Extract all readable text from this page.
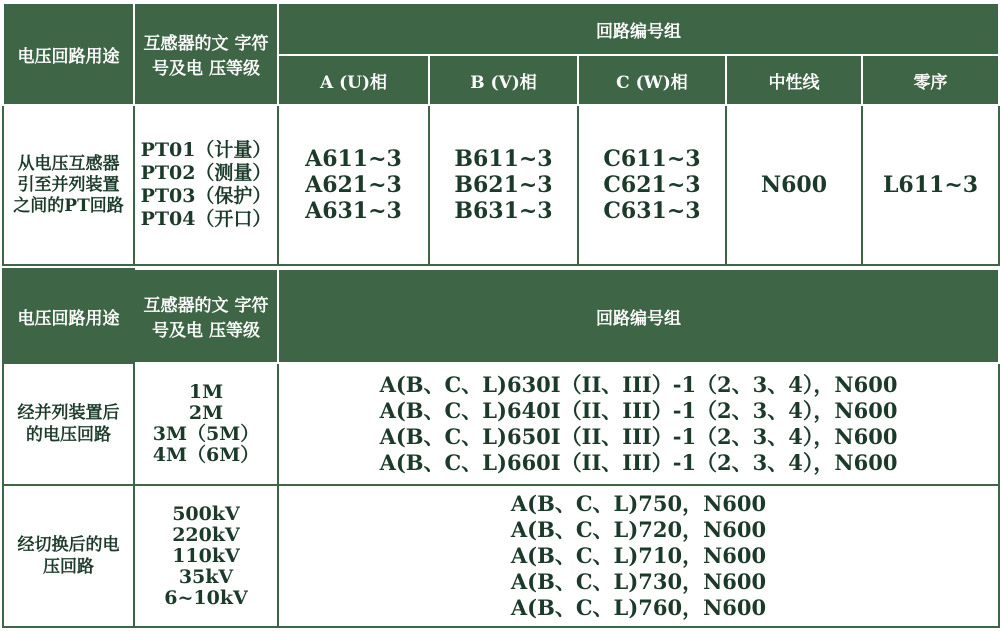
电压回路用途	互感器的文 字符
号及电 压等级	回路编号组				
		A (U)相	B (V)相	C (W)相	中性线	零序

从电压互感器
引至并列装置
之间的PT回路	PT01（计量）
PT02（测量）
PT03（保护）
PT04（开口）	A611~3
A621~3
A631~3	B611~3
B621~3
B631~3	C611~3
C621~3
C631~3	N600	L611~3
电压回路用途	互感器的文 字符
号及电 压等级	回路编号组

经并列装置后
的电压回路	1M
2M
3M（5M）
4M（6M）	A(B、C、L)630I（II、III）-1（2、3、4），N600
A(B、C、L)640I（II、III）-1（2、3、4），N600
A(B、C、L)650I（II、III）-1（2、3、4），N600
A(B、C、L)660I（II、III）-1（2、3、4），N600

经切换后的电
压回路	500kV
220kV
110kV
35kV
6~10kV	A(B、C、L)750，N600
A(B、C、L)720，N600
A(B、C、L)710，N600
A(B、C、L)730，N600
A(B、C、L)760，N600
